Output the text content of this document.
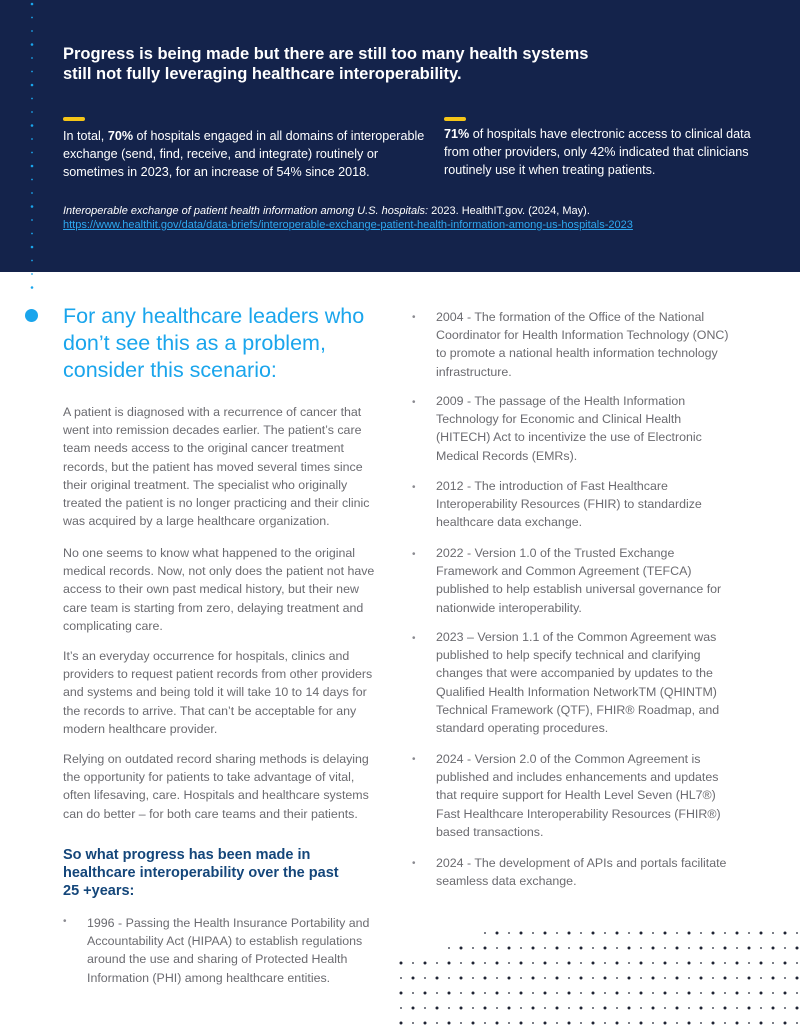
Progress is being made but there are still too many health systems
still not fully leveraging healthcare interoperability.

In total, 70% of hospitals engaged in all domains of interoperable
exchange (send, find, receive, and integrate) routinely or
sometimes in 2023, for an increase of 54% since 2018.

71% of hospitals have electronic access to clinical data
from other providers, only 42% indicated that clinicians
routinely use it when treating patients.

Interoperable exchange of patient health information among U.S. hospitals: 2023. HealthIT.gov. (2024, May).
https://www.healthit.gov/data/data-briefs/interoperable-exchange-patient-health-information-among-us-hospitals-2023

For any healthcare leaders who
don’t see this as a problem,
consider this scenario:

A patient is diagnosed with a recurrence of cancer that
went into remission decades earlier. The patient’s care
team needs access to the original cancer treatment
records, but the patient has moved several times since
their original treatment. The specialist who originally
treated the patient is no longer practicing and their clinic
was acquired by a large healthcare organization.

No one seems to know what happened to the original
medical records. Now, not only does the patient not have
access to their own past medical history, but their new
care team is starting from zero, delaying treatment and
complicating care.

It’s an everyday occurrence for hospitals, clinics and
providers to request patient records from other providers
and systems and being told it will take 10 to 14 days for
the records to arrive. That can’t be acceptable for any
modern healthcare provider.

Relying on outdated record sharing methods is delaying
the opportunity for patients to take advantage of vital,
often lifesaving, care. Hospitals and healthcare systems
can do better – for both care teams and their patients.

So what progress has been made in
healthcare interoperability over the past
25 +years:
• 1996 - Passing the Health Insurance Portability and
Accountability Act (HIPAA) to establish regulations
around the use and sharing of Protected Health
Information (PHI) among healthcare entities.

• 2004 - The formation of the Office of the National
Coordinator for Health Information Technology (ONC)
to promote a national health information technology
infrastructure.

• 2009 - The passage of the Health Information
Technology for Economic and Clinical Health
(HITECH) Act to incentivize the use of Electronic
Medical Records (EMRs).

• 2012 - The introduction of Fast Healthcare
Interoperability Resources (FHIR) to standardize
healthcare data exchange.

• 2022 - Version 1.0 of the Trusted Exchange
Framework and Common Agreement (TEFCA)
published to help establish universal governance for
nationwide interoperability.

• 2023 – Version 1.1 of the Common Agreement was
published to help specify technical and clarifying
changes that were accompanied by updates to the
Qualified Health Information NetworkTM (QHINTM)
Technical Framework (QTF), FHIR® Roadmap, and
standard operating procedures.

• 2024 - Version 2.0 of the Common Agreement is
published and includes enhancements and updates
that require support for Health Level Seven (HL7®)
Fast Healthcare Interoperability Resources (FHIR®)
based transactions.

• 2024 - The development of APIs and portals facilitate
seamless data exchange.
